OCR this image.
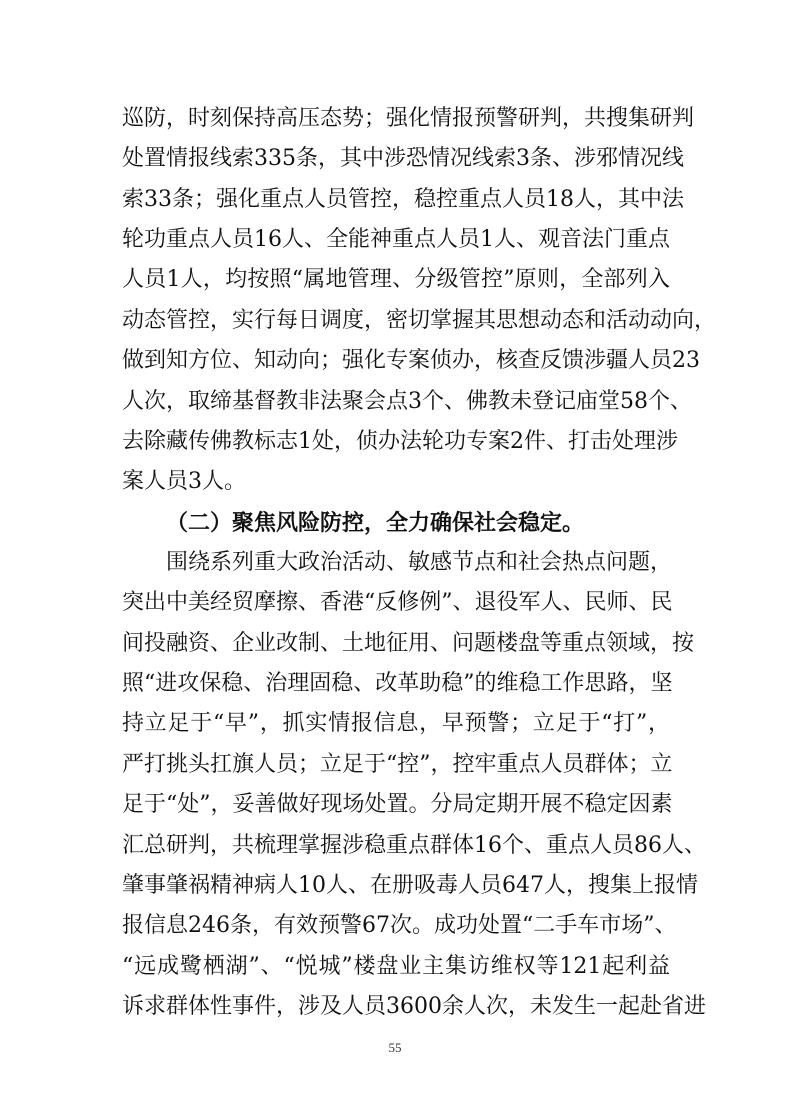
巡防，时刻保持高压态势；强化情报预警研判，共搜集研判
处置情报线索335条，其中涉恐情况线索3条、涉邪情况线
索33条；强化重点人员管控，稳控重点人员18人，其中法
轮功重点人员16人、全能神重点人员1人、观音法门重点
人员1人，均按照“属地管理、分级管控”原则，全部列入
动态管控，实行每日调度，密切掌握其思想动态和活动动向，
做到知方位、知动向；强化专案侦办，核查反馈涉疆人员23
人次，取缔基督教非法聚会点3个、佛教未登记庙堂58个、
去除藏传佛教标志1处，侦办法轮功专案2件、打击处理涉
案人员3人。
（二）聚焦风险防控，全力确保社会稳定。
围绕系列重大政治活动、敏感节点和社会热点问题，
突出中美经贸摩擦、香港“反修例”、退役军人、民师、民
间投融资、企业改制、土地征用、问题楼盘等重点领域，按
照“进攻保稳、治理固稳、改革助稳”的维稳工作思路，坚
持立足于“早”，抓实情报信息，早预警；立足于“打”，
严打挑头扛旗人员；立足于“控”，控牢重点人员群体；立
足于“处”，妥善做好现场处置。分局定期开展不稳定因素
汇总研判，共梳理掌握涉稳重点群体16个、重点人员86人、
肇事肇祸精神病人10人、在册吸毒人员647人，搜集上报情
报信息246条，有效预警67次。成功处置“二手车市场”、
“远成鹭栖湖”、“悦城”楼盘业主集访维权等121起利益
诉求群体性事件，涉及人员3600余人次，未发生一起赴省进
55
